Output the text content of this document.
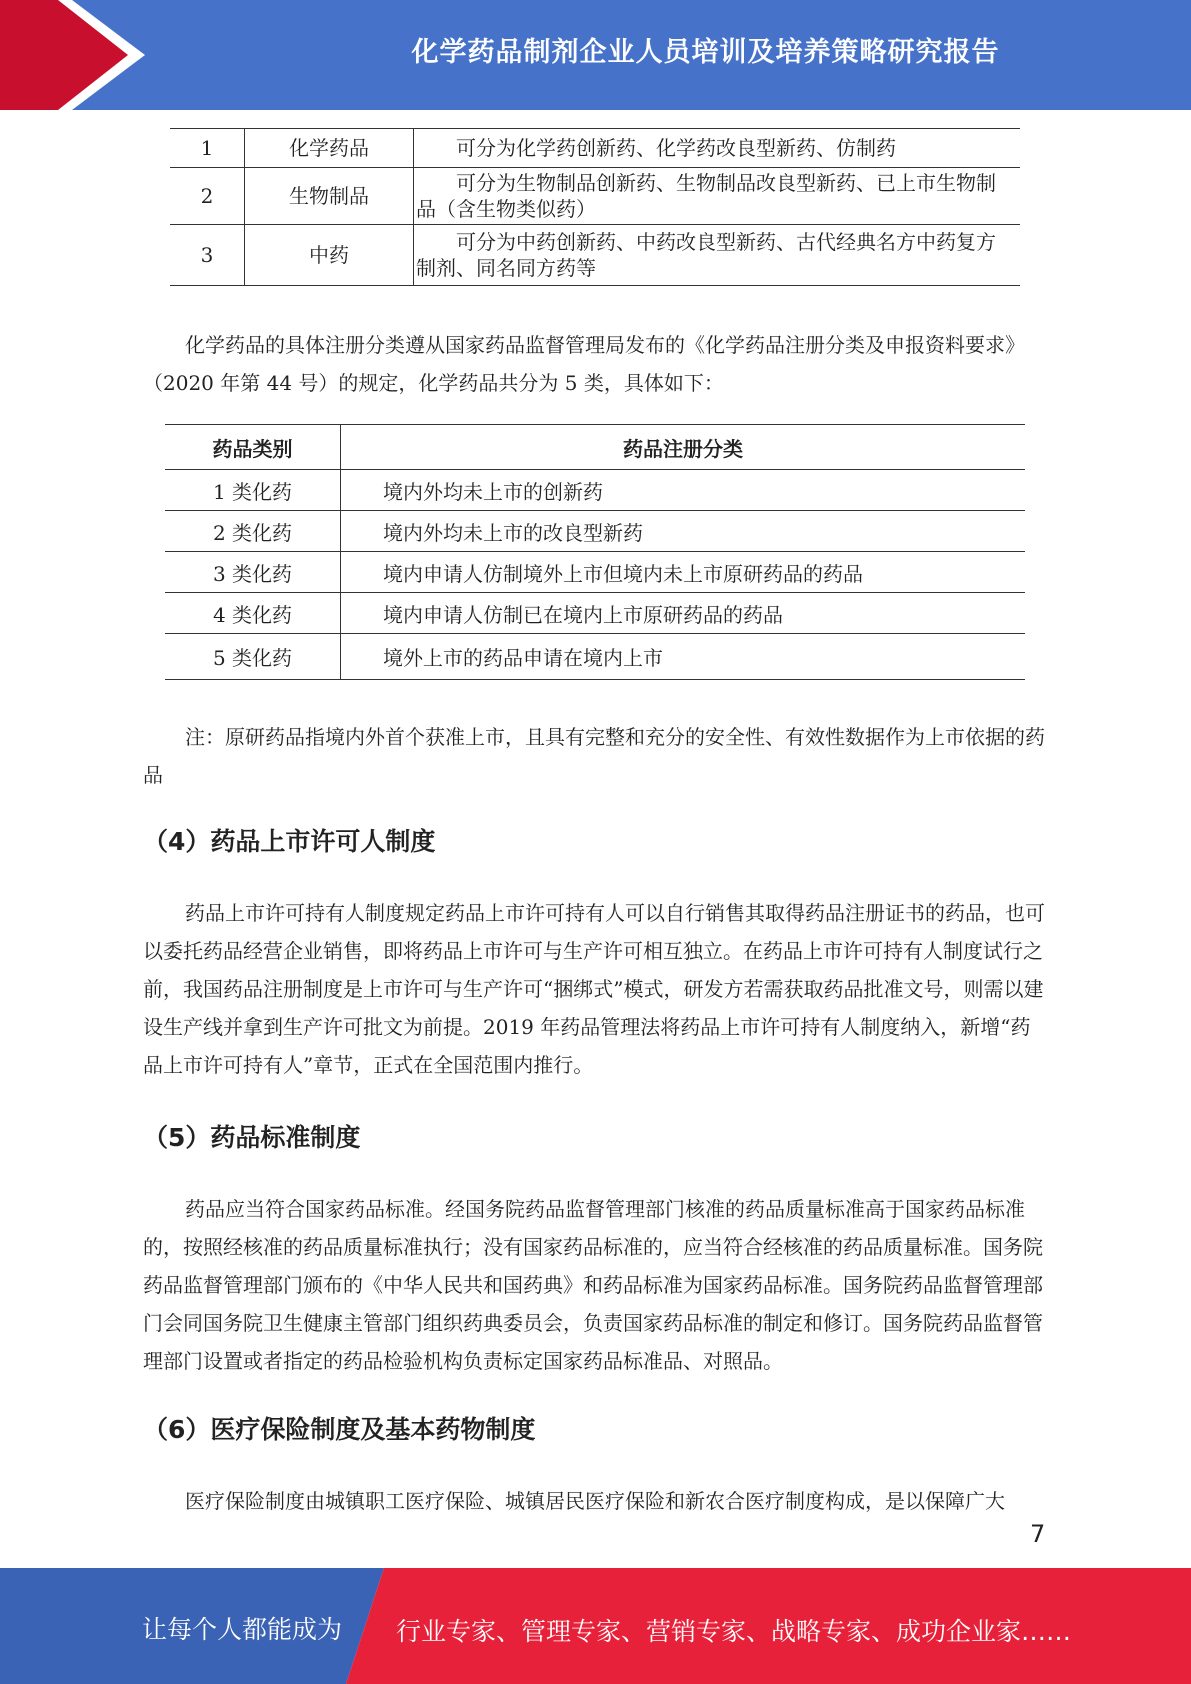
化学药品制剂企业人员培训及培养策略研究报告
1	化学药品	可分为化学药创新药、化学药改良型新药、仿制药
2	生物制品	可分为生物制品创新药、生物制品改良型新药、已上市生物制 品（含生物类似药）
3	中药	可分为中药创新药、中药改良型新药、古代经典名方中药复方 制剂、同名同方药等

化学药品的具体注册分类遵从国家药品监督管理局发布的《化学药品注册分类及申报资料要求》（2020 年第 44 号）的规定，化学药品共分为 5 类，具体如下：

药品类别	药品注册分类
1 类化药	境内外均未上市的创新药
2 类化药	境内外均未上市的改良型新药
3 类化药	境内申请人仿制境外上市但境内未上市原研药品的药品
4 类化药	境内申请人仿制已在境内上市原研药品的药品
5 类化药	境外上市的药品申请在境内上市

注：原研药品指境内外首个获准上市，且具有完整和充分的安全性、有效性数据作为上市依据的药品

（4）药品上市许可人制度

药品上市许可持有人制度规定药品上市许可持有人可以自行销售其取得药品注册证书的药品，也可以委托药品经营企业销售，即将药品上市许可与生产许可相互独立。在药品上市许可持有人制度试行之前，我国药品注册制度是上市许可与生产许可“捆绑式”模式，研发方若需获取药品批准文号，则需以建设生产线并拿到生产许可批文为前提。2019 年药品管理法将药品上市许可持有人制度纳入，新增“药品上市许可持有人”章节，正式在全国范围内推行。

（5）药品标准制度

药品应当符合国家药品标准。经国务院药品监督管理部门核准的药品质量标准高于国家药品标准的，按照经核准的药品质量标准执行；没有国家药品标准的，应当符合经核准的药品质量标准。国务院药品监督管理部门颁布的《中华人民共和国药典》和药品标准为国家药品标准。国务院药品监督管理部门会同国务院卫生健康主管部门组织药典委员会，负责国家药品标准的制定和修订。国务院药品监督管理部门设置或者指定的药品检验机构负责标定国家药品标准品、对照品。

（6）医疗保险制度及基本药物制度

医疗保险制度由城镇职工医疗保险、城镇居民医疗保险和新农合医疗制度构成，是以保障广大

7
让每个人都能成为 行业专家、管理专家、营销专家、战略专家、成功企业家……
